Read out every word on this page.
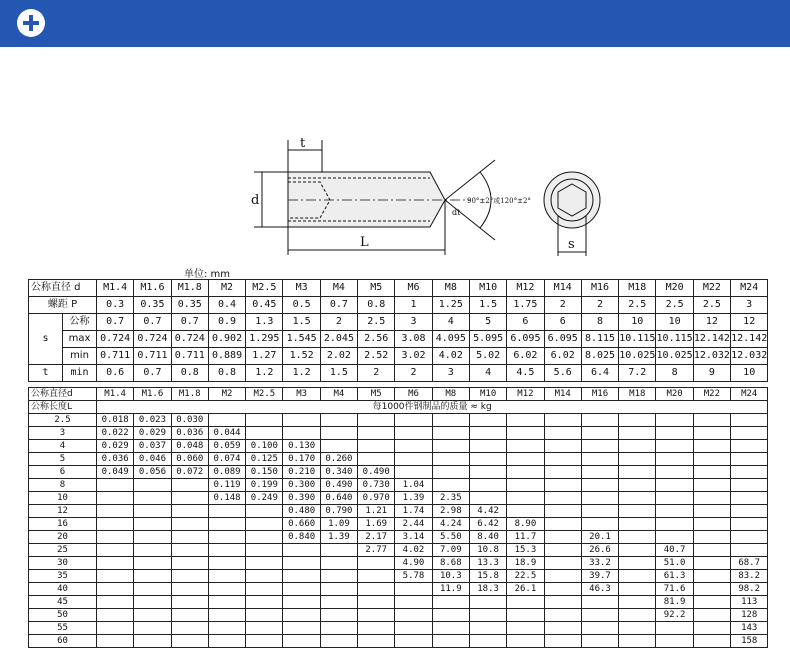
t
d
L
dt
90°±2°或120°±2°
s
单位: mm
公称直径 d		M1.4	M1.6	M1.8	M2	M2.5	M3	M4	M5	M6	M8	M10	M12	M14	M16	M18	M20	M22	M24
螺距 P		0.3	0.35	0.35	0.4	0.45	0.5	0.7	0.8	1	1.25	1.5	1.75	2	2	2.5	2.5	2.5	3
s	公称	0.7	0.7	0.7	0.9	1.3	1.5	2	2.5	3	4	5	6	6	8	10	10	12	12
	max	0.724	0.724	0.724	0.902	1.295	1.545	2.045	2.56	3.08	4.095	5.095	6.095	6.095	8.115	10.115	10.115	12.142	12.142
	min	0.711	0.711	0.711	0.889	1.27	1.52	2.02	2.52	3.02	4.02	5.02	6.02	6.02	8.025	10.025	10.025	12.032	12.032
t	min	0.6	0.7	0.8	0.8	1.2	1.2	1.5	2	2	3	4	4.5	5.6	6.4	7.2	8	9	10
公称直径d	M1.4	M1.6	M1.8	M2	M2.5	M3	M4	M5	M6	M8	M10	M12	M14	M16	M18	M20	M22	M24
公称长度L	每1000件钢制品的质量 ≈ kg																	
2.5	0.018	0.023	0.030															
3	0.022	0.029	0.036	0.044														
4	0.029	0.037	0.048	0.059	0.100	0.130												
5	0.036	0.046	0.060	0.074	0.125	0.170	0.260											
6	0.049	0.056	0.072	0.089	0.150	0.210	0.340	0.490										
8				0.119	0.199	0.300	0.490	0.730	1.04									
10				0.148	0.249	0.390	0.640	0.970	1.39	2.35								
12						0.480	0.790	1.21	1.74	2.98	4.42							
16						0.660	1.09	1.69	2.44	4.24	6.42	8.90						
20						0.840	1.39	2.17	3.14	5.50	8.40	11.7		20.1				
25								2.77	4.02	7.09	10.8	15.3		26.6		40.7		
30									4.90	8.68	13.3	18.9		33.2		51.0		68.7
35									5.78	10.3	15.8	22.5		39.7		61.3		83.2
40										11.9	18.3	26.1		46.3		71.6		98.2
45																81.9		113
50																92.2		128
55																		143
60																		158
